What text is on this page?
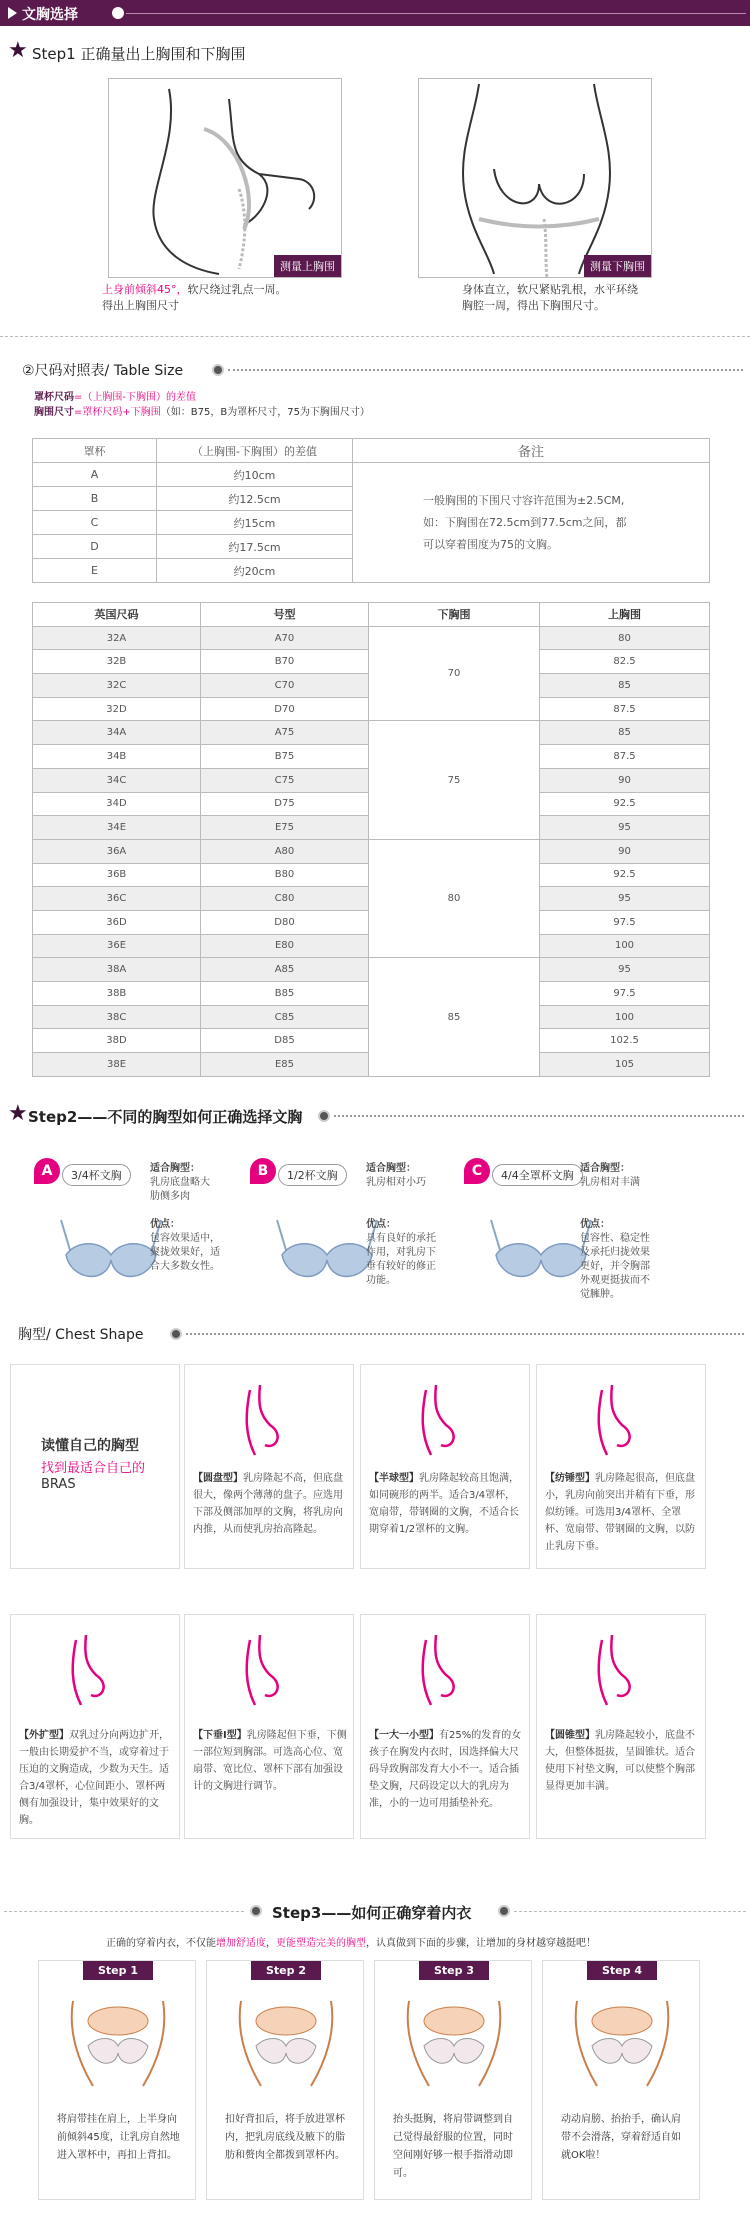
文胸选择
★ Step1 正确量出上胸围和下胸围
测量上胸围
上身前倾斜45°，软尺绕过乳点一周。
得出上胸围尺寸
测量下胸围
身体直立，软尺紧贴乳根，水平环绕
胸腔一周，得出下胸围尺寸。
②尺码对照表/ Table Size
罩杯尺码=（上胸围-下胸围）的差值
胸围尺寸=罩杯尺码+下胸围（如：B75，B为罩杯尺寸，75为下胸围尺寸）
罩杯	（上胸围-下胸围）的差值	备注
A	约10cm	一般胸围的下围尺寸容许范围为±2.5CM,
如：下胸围在72.5cm到77.5cm之间，都
可以穿着围度为75的文胸。
B	约12.5cm	
C	约15cm	
D	约17.5cm	
E	约20cm	
英国尺码	号型	下胸围	上胸围
32A	A70	70	80
32B	B70		82.5
32C	C70		85
32D	D70		87.5
34A	A75	75	85
34B	B75		87.5
34C	C75		90
34D	D75		92.5
34E	E75		95
36A	A80	80	90
36B	B80		92.5
36C	C80		95
36D	D80		97.5
36E	E80		100
38A	A85	85	95
38B	B85		97.5
38C	C85		100
38D	D85		102.5
38E	E85		105
★ Step2——不同的胸型如何正确选择文胸
A	3/4杯文胸
适合胸型：
乳房底盘略大
肋侧多肉
优点：
包容效果适中，
聚拢效果好，适
合大多数女性。
B	1/2杯文胸
适合胸型：
乳房相对小巧
优点：
具有良好的承托
作用，对乳房下
垂有较好的修正
功能。
C	4/4全罩杯文胸
适合胸型：
乳房相对丰满
优点：
包容性、稳定性
及承托归拢效果
更好，并令胸部
外观更挺拔而不
觉臃肿。
胸型/ Chest Shape
读懂自己的胸型
找到最适合自己的
BRAS	【圆盘型】乳房隆起不高，但底盘很大，像两个薄薄的盘子。应选用下部及侧部加厚的文胸，将乳房向内推，从而使乳房抬高隆起。
【半球型】乳房隆起较高且饱满，如同碗形的两半。适合3/4罩杯，宽扇带，带钢圈的文胸，不适合长期穿着1/2罩杯的文胸。
【纺锤型】乳房隆起很高，但底盘小，乳房向前突出并稍有下垂，形似纺锤。可选用3/4罩杯、全罩杯、宽扇带、带钢圈的文胸，以防止乳房下垂。
【外扩型】双乳过分向两边扩开，一般由长期爱护不当，或穿着过于压迫的文胸造成，少数为天生。适合3/4罩杯，心位间距小、罩杯两侧有加强设计，集中效果好的文胸。
【下垂I型】乳房隆起但下垂，下侧一部位短到胸部。可选高心位、宽扇带、宽比位、罩杯下部有加强设计的文胸进行调节。
【一大一小型】有25%的发育的女孩子在胸发内衣时，因选择偏大尺码导致胸部发育大小不一。适合插垫文胸，尺码设定以大的乳房为准，小的一边可用插垫补充。
【圆锥型】乳房隆起较小，底盘不大，但整体挺拔，呈圆锥状。适合使用下衬垫文胸，可以使整个胸部显得更加丰满。
Step3——如何正确穿着内衣
正确的穿着内衣，不仅能增加舒适度，更能塑造完美的胸型，认真做到下面的步骤，让增加的身材越穿越挺吧！
Step 1
将肩带挂在肩上，上半身向前倾斜45度，让乳房自然地进入罩杯中，再扣上背扣。
Step 2
扣好背扣后，将手放进罩杯内，把乳房底线及腋下的脂肪和赘肉全都拨到罩杯内。
Step 3
抬头挺胸，将肩带调整到自己觉得最舒服的位置，同时空间刚好够一根手指滑动即可。
Step 4
动动肩膀、抬抬手，确认肩带不会滑落，穿着舒适自如就OK啦！
